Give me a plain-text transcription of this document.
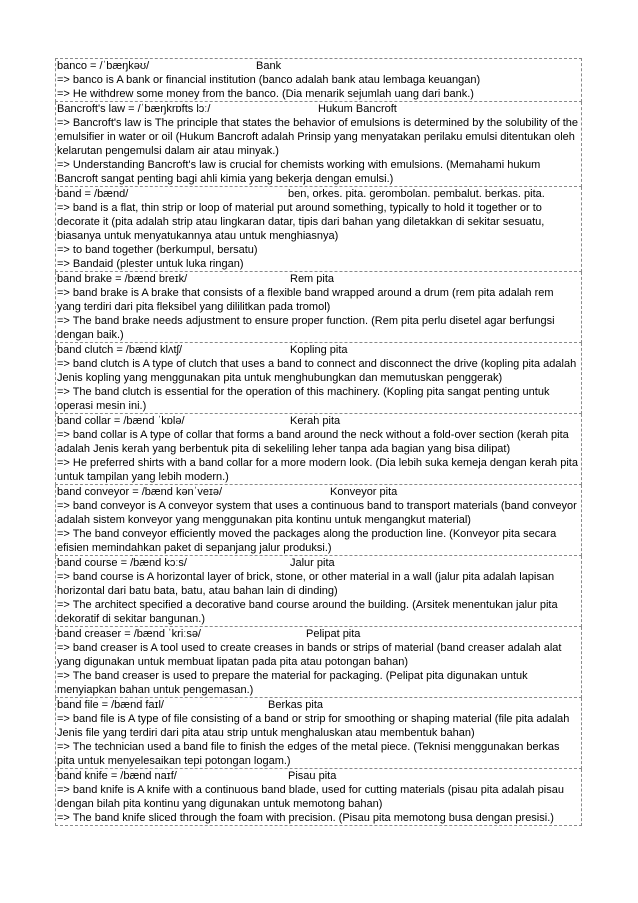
banco = /ˈbæŋkəʊ/	Bank
=> banco is A bank or financial institution (banco adalah bank atau lembaga keuangan)
=> He withdrew some money from the banco. (Dia menarik sejumlah uang dari bank.)
Bancroft's law = /ˈbæŋkrɒfts lɔː/	Hukum Bancroft
=> Bancroft's law is The principle that states the behavior of emulsions is determined by the solubility of the emulsifier in water or oil (Hukum Bancroft adalah Prinsip yang menyatakan perilaku emulsi ditentukan oleh kelarutan pengemulsi dalam air atau minyak.)
=> Understanding Bancroft's law is crucial for chemists working with emulsions. (Memahami hukum Bancroft sangat penting bagi ahli kimia yang bekerja dengan emulsi.)
band = /bænd/	ben, orkes. pita. gerombolan. pembalut. berkas. pita.
=> band is a flat, thin strip or loop of material put around something, typically to hold it together or to decorate it (pita adalah strip atau lingkaran datar, tipis dari bahan yang diletakkan di sekitar sesuatu, biasanya untuk menyatukannya atau untuk menghiasnya)
=> to band together (berkumpul, bersatu)
=> Bandaid (plester untuk luka ringan)
band brake = /bænd breɪk/	Rem pita
=> band brake is A brake that consists of a flexible band wrapped around a drum (rem pita adalah rem yang terdiri dari pita fleksibel yang dililitkan pada tromol)
=> The band brake needs adjustment to ensure proper function. (Rem pita perlu disetel agar berfungsi dengan baik.)
band clutch = /bænd klʌtʃ/	Kopling pita
=> band clutch is A type of clutch that uses a band to connect and disconnect the drive (kopling pita adalah Jenis kopling yang menggunakan pita untuk menghubungkan dan memutuskan penggerak)
=> The band clutch is essential for the operation of this machinery. (Kopling pita sangat penting untuk operasi mesin ini.)
band collar = /bænd ˈkɒlə/	Kerah pita
=> band collar is A type of collar that forms a band around the neck without a fold-over section (kerah pita adalah Jenis kerah yang berbentuk pita di sekeliling leher tanpa ada bagian yang bisa dilipat)
=> He preferred shirts with a band collar for a more modern look. (Dia lebih suka kemeja dengan kerah pita untuk tampilan yang lebih modern.)
band conveyor = /bænd kənˈveɪə/	Konveyor pita
=> band conveyor is A conveyor system that uses a continuous band to transport materials (band conveyor adalah sistem konveyor yang menggunakan pita kontinu untuk mengangkut material)
=> The band conveyor efficiently moved the packages along the production line. (Konveyor pita secara efisien memindahkan paket di sepanjang jalur produksi.)
band course = /bænd kɔːs/	Jalur pita
=> band course is A horizontal layer of brick, stone, or other material in a wall (jalur pita adalah lapisan horizontal dari batu bata, batu, atau bahan lain di dinding)
=> The architect specified a decorative band course around the building. (Arsitek menentukan jalur pita dekoratif di sekitar bangunan.)
band creaser = /bænd ˈkriːsə/	Pelipat pita
=> band creaser is A tool used to create creases in bands or strips of material (band creaser adalah alat yang digunakan untuk membuat lipatan pada pita atau potongan bahan)
=> The band creaser is used to prepare the material for packaging. (Pelipat pita digunakan untuk menyiapkan bahan untuk pengemasan.)
band file = /bænd faɪl/	Berkas pita
=> band file is A type of file consisting of a band or strip for smoothing or shaping material (file pita adalah Jenis file yang terdiri dari pita atau strip untuk menghaluskan atau membentuk bahan)
=> The technician used a band file to finish the edges of the metal piece. (Teknisi menggunakan berkas pita untuk menyelesaikan tepi potongan logam.)
band knife = /bænd naɪf/	Pisau pita
=> band knife is A knife with a continuous band blade, used for cutting materials (pisau pita adalah pisau dengan bilah pita kontinu yang digunakan untuk memotong bahan)
=> The band knife sliced through the foam with precision. (Pisau pita memotong busa dengan presisi.)
